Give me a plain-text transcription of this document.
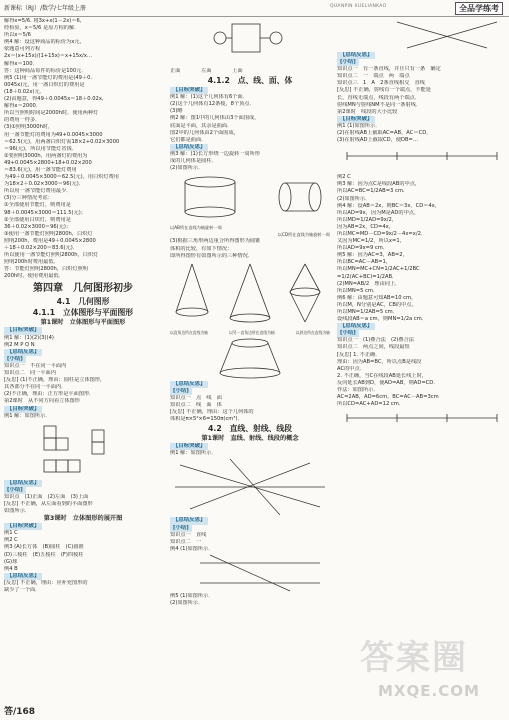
新课标（RJ）/数学/七年级上册	QUANPIN XUELIANKAO	全品学练考
解得x=5/6. 将3x+x(1－2x)＝6,
经检验，x＝5/6 是原方程的解.
所以x＝5/6
例4 解：设这种商品的标价为x元，
依题意可列方程
2x＝(x+15x)/(1+15x)＝x+15x/x…
解得x＝100．
答：这种商品每件的标价是100元．
例5 (1)用一盏节能灯的费用是(49＋0.
0045x)元，用一盏白炽灯的费用是
(18＋0.02x)元．
(2)由题意，得49＋0.0045x＝18＋0.02x,
解得x＝2000．
所以当照明时间是2000h时，使用两种灯
的费用一样多．
(3)①照明3000h时，
用一盏节能灯的费用为49+0.0045×3000
＝62.5(元)，用两盏白炽灯需18×2+0.02×3000
＝96(元)，所以用节能灯省钱．
②要照明3000h，用两盏灯的费用为
49+0.0045×2800+18+0.02×200
＝83.6(元)，用一盏节能灯费用
为49＋0.0045×3000＝62.5(元)，用白炽灯费用
为18×2＋0.02×3000＝96(元)．
所以用一盏节能灯费用最少．
(3)分三种情况考虑：
①全部使用节能灯，则费用是
98＋0.0045×3000＝111.5(元)；
②全部使用白炽灯，则费用是
36＋0.02×3000＝96(元)；
③使用一盏节能灯照明2800h，白炽灯
照明200h，费用是49＋0.0045×2800
＋18＋0.02×200＝83.6(元)．
所以使用一盏节能灯照明2800h，白炽灯
照明200h时费用最低．
答：节能灯照明2800h，白炽灯照明
200h时，使用费用最低．
第四章　几何图形初步
4.1　几何图形
4.1.1　立体图形与平面图形
第1课时　立体图形与平面图形
【目标突破】
例1 解：(1)(2)(3)(4)
例2 M P Q N
【总结反思】
[小结]
知识点一　不在同一平面内
知识点二　同一平面内
[反思] (1)不正确，理由：圆柱是立体图形，
其各部分不在同一平面内．
(2)不正确，理由：正方形是平面图形．
第2课时　从不同方向看立体图形
【目标突破】
例1 解：如图所示．
【总结反思】
[小结]
知识点　(1)正面　(2)左面　(3)上面
[反思] 不正确，从左面看到的平面图形
如图所示．
第3课时　立体图形的展开图
【目标突破】
例1 C
例2 C
例3 (A)长方体　(B)圆柱　(C)圆锥
(D)三棱柱　(E)五棱柱　(F)四棱柱
(G)球
例4 B
【总结反思】
[反思] 不正确，理由：应补充图形的
缺少了一个面．
正面　　　　左面　　　　上面
4.1.2　点、线、面、体
【目标突破】
例1 解：(1)这个几何体有6个面．
(2)这个几何体有12条棱，8个顶点．
(3)略
例2 解：图1中的几何体由3个面围成，
底面是平面，其余是曲面．
图2中的几何体由2个面围成，
它们都是曲面．
【总结反思】
例3 解：(1)长方形绕一边旋转一周所形
成的几何体是圆柱．
(2)如图所示．
以AB所在直线为轴旋转一周
以CD所在直线为轴旋转一周
(3)根据三角形两边重合所得图形为圆锥
体积的比较，有如下情况：
即所得图形有如图所示的三种情况．
以直角边所在直线为轴	以另一直角边所在直线为轴	以斜边所在直线为轴
【总结反思】
[小结]
知识点一　点　线　面
知识点二　线　面　体
[反思] 不正确，理由：这个几何体的
体积是π×5²×6=150π(cm³)．
4.2　直线、射线、线段
第1课时　直线、射线、线段的概念
【目标突破】
例1 解：如图所示．
【总结反思】
[小结]
知识点一　直线
知识点二　一
例4 (1)如图所示．
例5 (1)如图所示．
(2)如图所示．
【总结反思】
[小结]
知识点一　有一条直线，并且只有一条　确定
知识点二　一　端点　两　端点
知识点三　1　A　2条直线相交　直线
[反思] 不正确，射线有一个端点，不能延
长，直线无端点，线段有两个端点．
射线MN与射线NM不是同一条射线．
第2课时　线段的大小比较
【目标突破】
例1 (1)如图所示．
(2)在射线AB上截取AC=AB，AC＝CD，
(3)在射线AD上截取CD，使DB=…
例2 C
例3 解：因为点C是线段AB的中点，
所以AC=BC=1/2AB=3 cm.
(2)如图所示．
例4 解：设AB＝2x，则BC＝3x，CD＝4x，
所以AD=9x，因为M是AD的中点，
所以MD=1/2AD=9x/2，
因为AB=2x，CD=4x，
所以MC=MD－CD=9x/2－4x=x/2．
又因为MC=1/2，所以x=1，
所以AD=9x=9 cm．
例5 解：因为AC=3，AB=2，
所以BC=AC－AB=1，
所以MN=MC+CN=1/2AC+1/2BC
=1/2(AC+BC)=1/2AB．
(2)MN=AB/2　理由同上．
所以MN=5 cm．
例6 解：由题意可知AB=10 cm，
所以M，N分别是AC，CB的中点，
所以MN=1/2AB=5 cm．
设线段AB＝a cm，则MN=1/2a cm．
【总结反思】
[小结]
知识点一　(1)叠合法　(2)叠合法
知识点二　两点之间，线段最短
[反思] 1. 不正确．
理由：因为AB=BC，所以点B是线段
AC的中点．
2. 不正确，当C在线段AB延长线上时，
反向延长AB到D，使AD=AB，则AD=CD.
作法：如图所示．
AC=2AB，AD=6cm，BC=AC－AB=3cm
所以CD=AC+AD=12 cm．
答案圈
MXQE.COM
答/168
